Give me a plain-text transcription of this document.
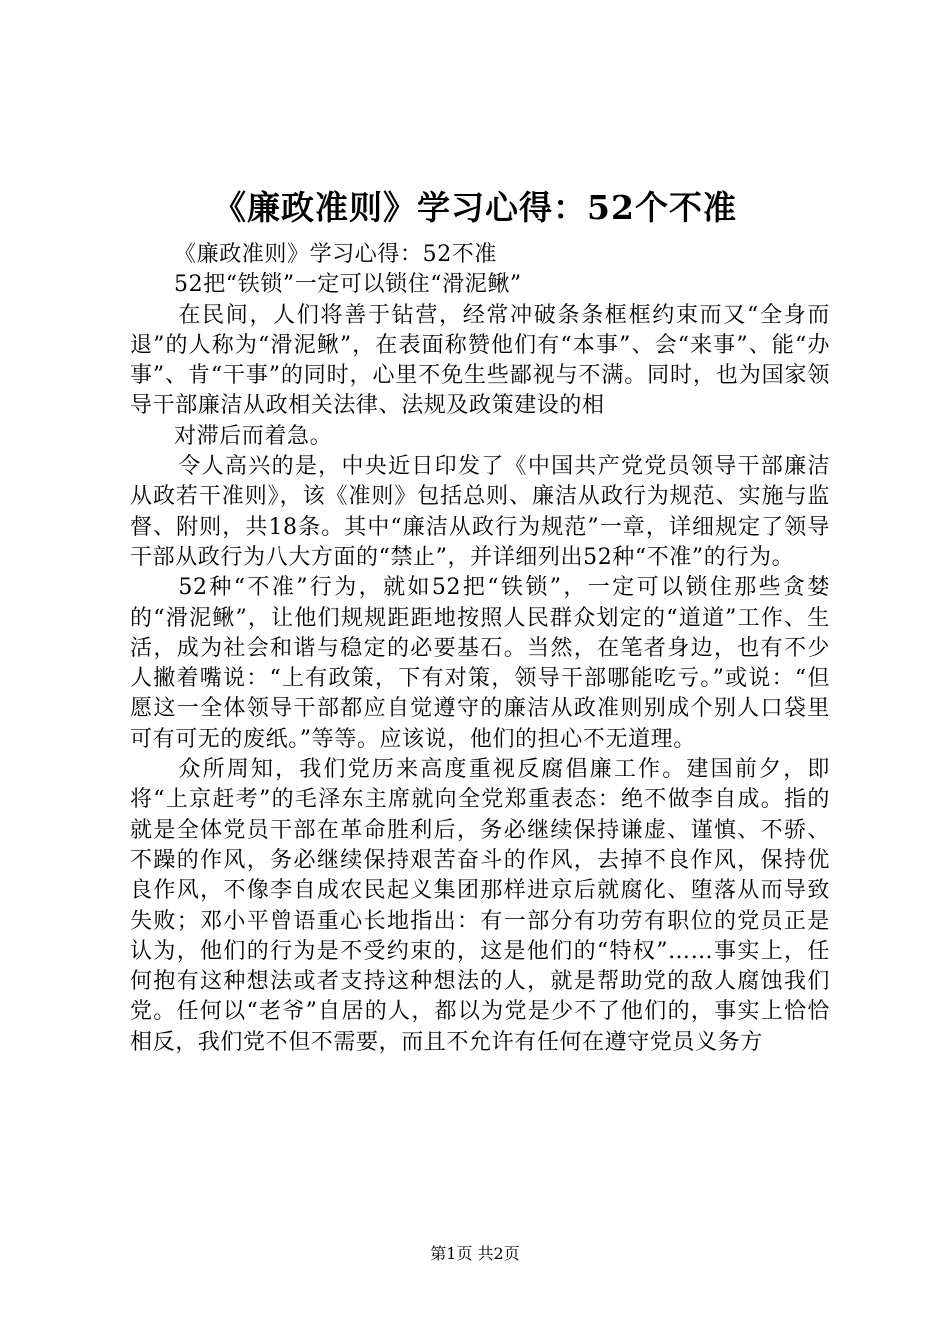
《廉政准则》学习心得：52个不准

《廉政准则》学习心得：52不准

52把“铁锁”一定可以锁住“滑泥鳅”

在民间，人们将善于钻营，经常冲破条条框框约束而又“全身而退”的人称为“滑泥鳅”，在表面称赞他们有“本事”、会“来事”、能“办事”、肯“干事”的同时，心里不免生些鄙视与不满。同时，也为国家领导干部廉洁从政相关法律、法规及政策建设的相

对滞后而着急。

令人高兴的是，中央近日印发了《中国共产党党员领导干部廉洁从政若干准则》，该《准则》包括总则、廉洁从政行为规范、实施与监督、附则，共18条。其中“廉洁从政行为规范”一章，详细规定了领导干部从政行为八大方面的“禁止”，并详细列出52种“不准”的行为。

52种“不准”行为，就如52把“铁锁”，一定可以锁住那些贪婪的“滑泥鳅”，让他们规规距距地按照人民群众划定的“道道”工作、生活，成为社会和谐与稳定的必要基石。当然，在笔者身边，也有不少人撇着嘴说：“上有政策，下有对策，领导干部哪能吃亏。”或说：“但愿这一全体领导干部都应自觉遵守的廉洁从政准则别成个别人口袋里可有可无的废纸。”等等。应该说，他们的担心不无道理。

众所周知，我们党历来高度重视反腐倡廉工作。建国前夕，即将“上京赶考”的毛泽东主席就向全党郑重表态：绝不做李自成。指的就是全体党员干部在革命胜利后，务必继续保持谦虚、谨慎、不骄、不躁的作风，务必继续保持艰苦奋斗的作风，去掉不良作风，保持优良作风，不像李自成农民起义集团那样进京后就腐化、堕落从而导致失败；邓小平曾语重心长地指出：有一部分有功劳有职位的党员正是认为，他们的行为是不受约束的，这是他们的“特权”……事实上，任何抱有这种想法或者支持这种想法的人，就是帮助党的敌人腐蚀我们党。任何以“老爷”自居的人，都以为党是少不了他们的，事实上恰恰相反，我们党不但不需要，而且不允许有任何在遵守党员义务方

第1页 共2页
